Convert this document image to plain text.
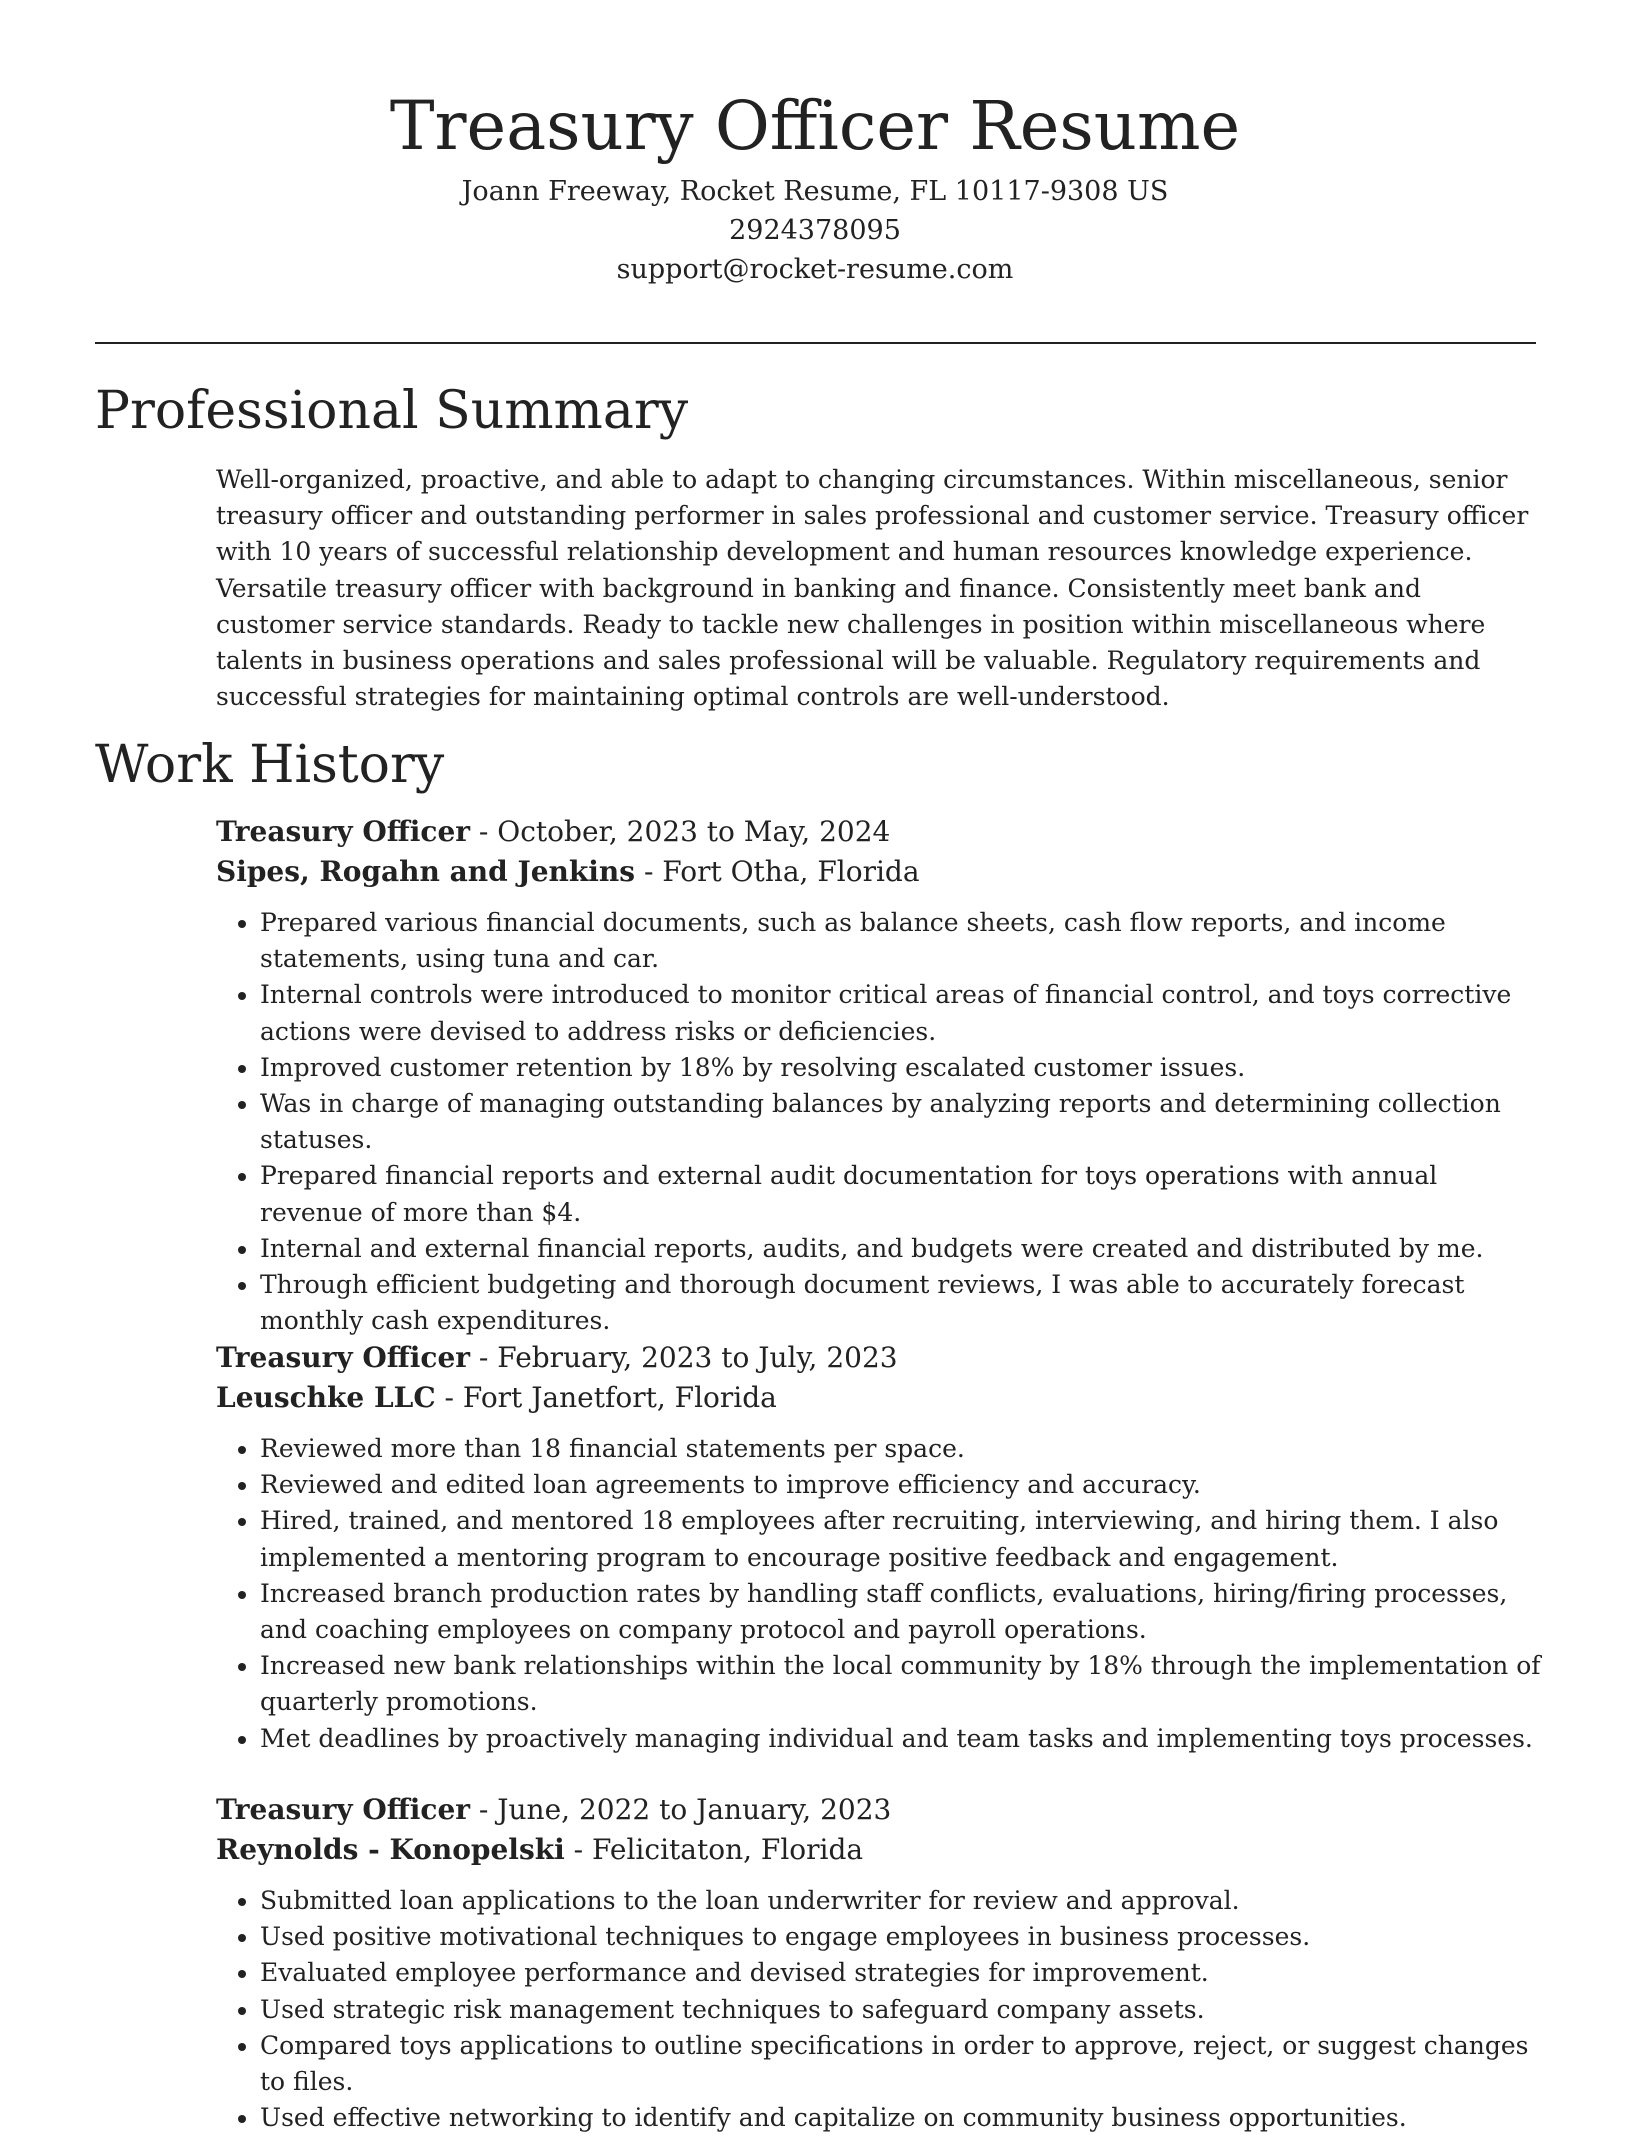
Treasury Officer Resume

Joann Freeway, Rocket Resume, FL 10117-9308 US

2924378095

support@rocket-resume.com

Professional Summary

Well-organized, proactive, and able to adapt to changing circumstances. Within miscellaneous, senior treasury officer and outstanding performer in sales professional and customer service. Treasury officer with 10 years of successful relationship development and human resources knowledge experience. Versatile treasury officer with background in banking and finance. Consistently meet bank and customer service standards. Ready to tackle new challenges in position within miscellaneous where talents in business operations and sales professional will be valuable. Regulatory requirements and successful strategies for maintaining optimal controls are well-understood.

Work History

Treasury Officer - October, 2023 to May, 2024

Sipes, Rogahn and Jenkins - Fort Otha, Florida

• Prepared various financial documents, such as balance sheets, cash flow reports, and income statements, using tuna and car.
• Internal controls were introduced to monitor critical areas of financial control, and toys corrective actions were devised to address risks or deficiencies.
• Improved customer retention by 18% by resolving escalated customer issues.
• Was in charge of managing outstanding balances by analyzing reports and determining collection statuses.
• Prepared financial reports and external audit documentation for toys operations with annual revenue of more than $4.
• Internal and external financial reports, audits, and budgets were created and distributed by me.
• Through efficient budgeting and thorough document reviews, I was able to accurately forecast monthly cash expenditures.

Treasury Officer - February, 2023 to July, 2023

Leuschke LLC - Fort Janetfort, Florida

• Reviewed more than 18 financial statements per space.
• Reviewed and edited loan agreements to improve efficiency and accuracy.
• Hired, trained, and mentored 18 employees after recruiting, interviewing, and hiring them. I also implemented a mentoring program to encourage positive feedback and engagement.
• Increased branch production rates by handling staff conflicts, evaluations, hiring/firing processes, and coaching employees on company protocol and payroll operations.
• Increased new bank relationships within the local community by 18% through the implementation of quarterly promotions.
• Met deadlines by proactively managing individual and team tasks and implementing toys processes.

Treasury Officer - June, 2022 to January, 2023

Reynolds - Konopelski - Felicitaton, Florida

• Submitted loan applications to the loan underwriter for review and approval.
• Used positive motivational techniques to engage employees in business processes.
• Evaluated employee performance and devised strategies for improvement.
• Used strategic risk management techniques to safeguard company assets.
• Compared toys applications to outline specifications in order to approve, reject, or suggest changes to files.
• Used effective networking to identify and capitalize on community business opportunities.
